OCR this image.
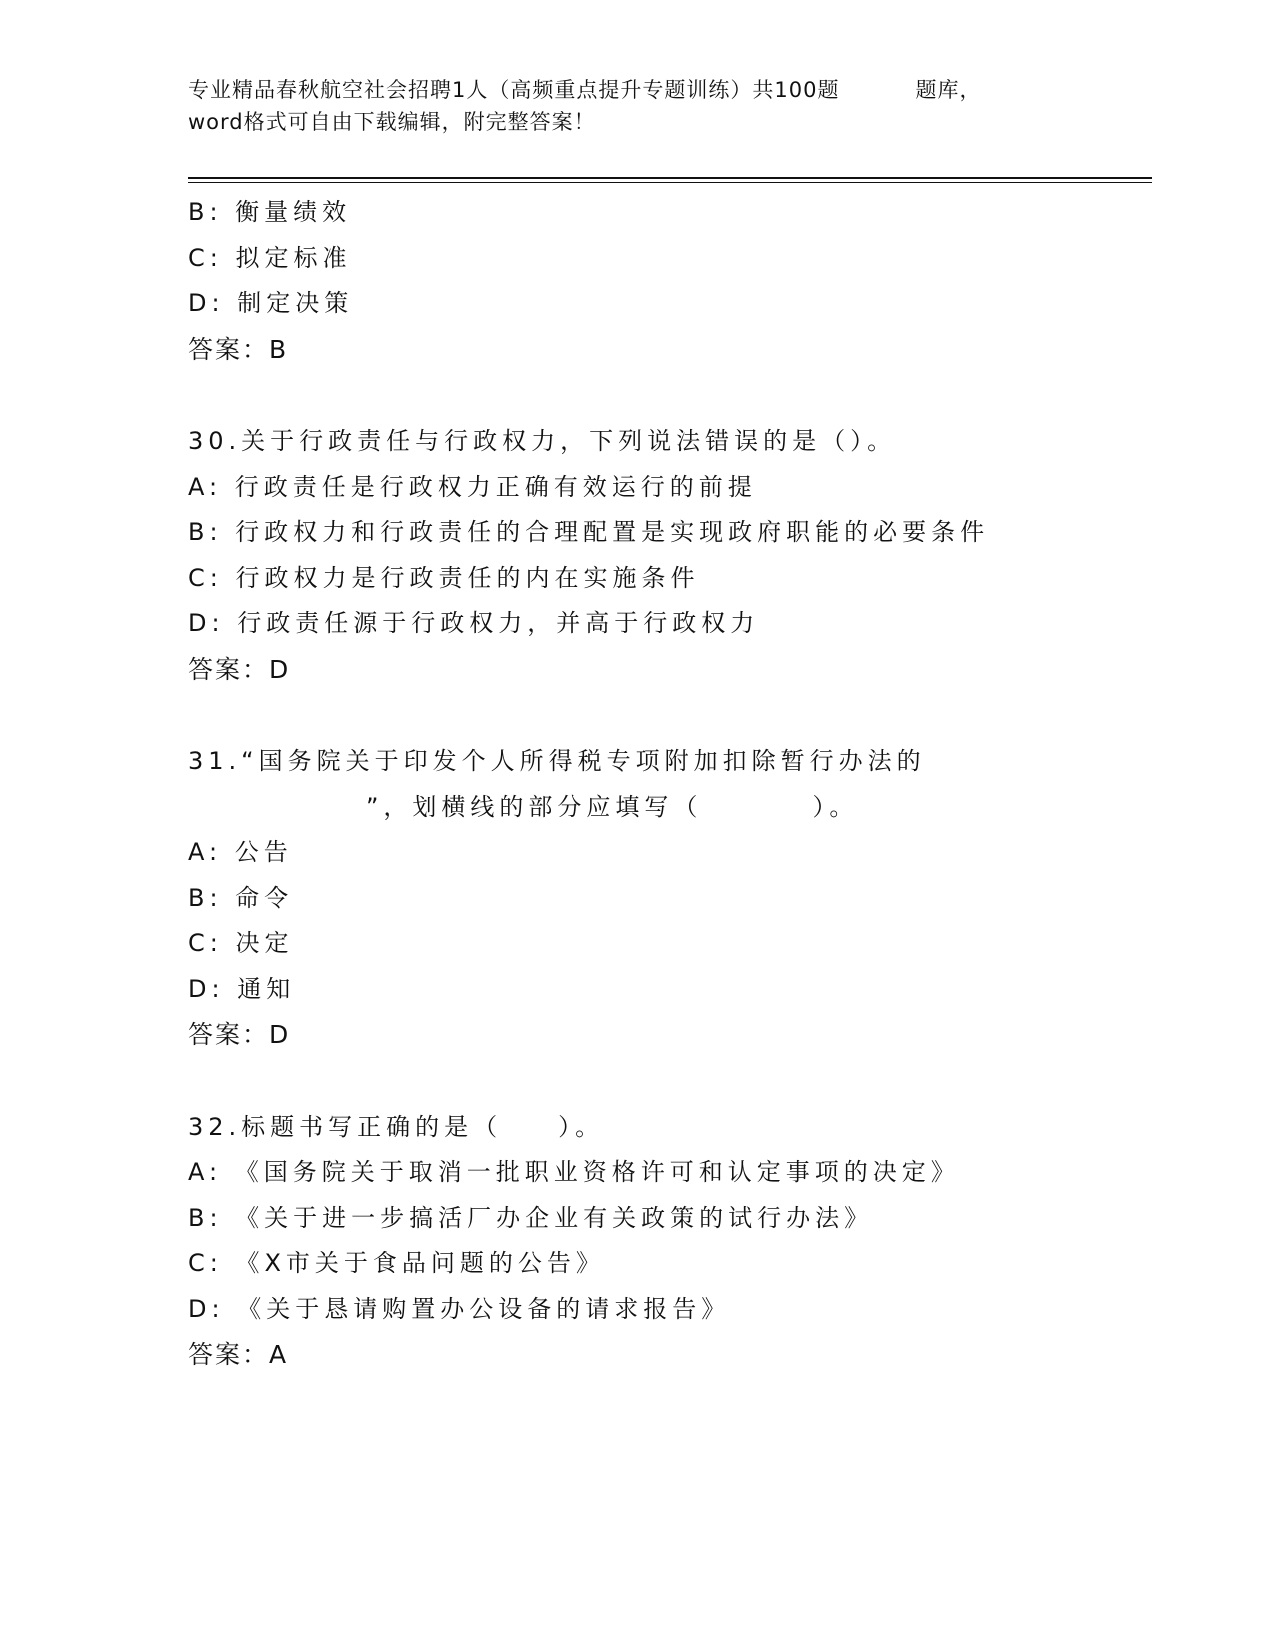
专业精品春秋航空社会招聘1人（高频重点提升专题训练）共100题	题库，
word格式可自由下载编辑，附完整答案！
B: 衡量绩效
C: 拟定标准
D: 制定决策
答案：B
30.关于行政责任与行政权力，下列说法错误的是（）。
A: 行政责任是行政权力正确有效运行的前提
B: 行政权力和行政责任的合理配置是实现政府职能的必要条件
C: 行政权力是行政责任的内在实施条件
D: 行政责任源于行政权力，并高于行政权力
答案：D
31.“国务院关于印发个人所得税专项附加扣除暂行办法的
”，划横线的部分应填写（	）。
A: 公告
B: 命令
C: 决定
D: 通知
答案：D
32.标题书写正确的是（ ）。
A: 《国务院关于取消一批职业资格许可和认定事项的决定》
B: 《关于进一步搞活厂办企业有关政策的试行办法》
C: 《X市关于食品问题的公告》
D: 《关于恳请购置办公设备的请求报告》
答案：A
